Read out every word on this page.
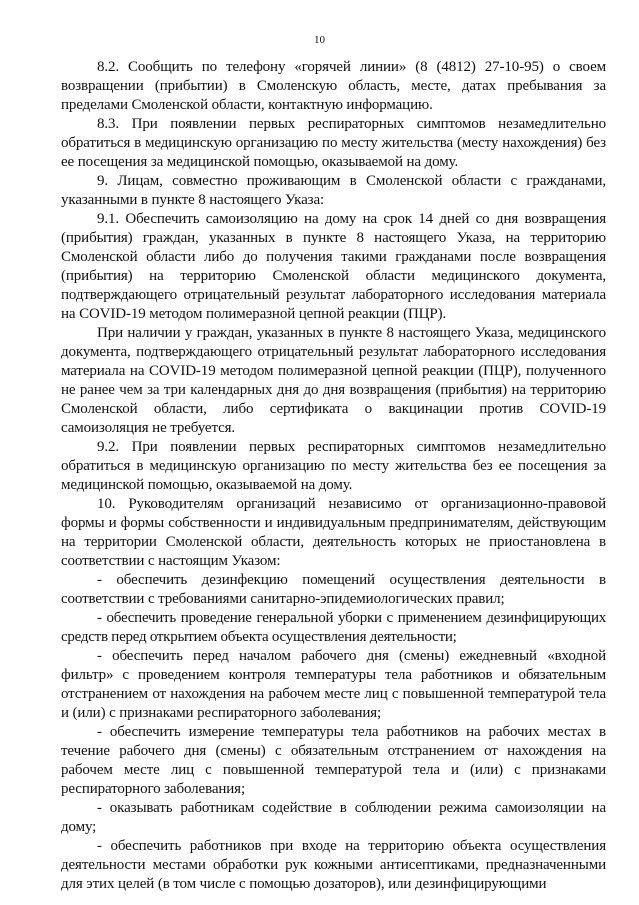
10

8.2. Сообщить по телефону «горячей линии» (8 (4812) 27-10-95) о своем возвращении (прибытии) в Смоленскую область, месте, датах пребывания за пределами Смоленской области, контактную информацию.

8.3. При появлении первых респираторных симптомов незамедлительно обратиться в медицинскую организацию по месту жительства (месту нахождения) без ее посещения за медицинской помощью, оказываемой на дому.

9. Лицам, совместно проживающим в Смоленской области с гражданами, указанными в пункте 8 настоящего Указа:

9.1. Обеспечить самоизоляцию на дому на срок 14 дней со дня возвращения (прибытия) граждан, указанных в пункте 8 настоящего Указа, на территорию Смоленской области либо до получения такими гражданами после возвращения (прибытия) на территорию Смоленской области медицинского документа, подтверждающего отрицательный результат лабораторного исследования материала на COVID-19 методом полимеразной цепной реакции (ПЦР).

При наличии у граждан, указанных в пункте 8 настоящего Указа, медицинского документа, подтверждающего отрицательный результат лабораторного исследования материала на COVID-19 методом полимеразной цепной реакции (ПЦР), полученного не ранее чем за три календарных дня до дня возвращения (прибытия) на территорию Смоленской области, либо сертификата о вакцинации против COVID-19 самоизоляция не требуется.

9.2. При появлении первых респираторных симптомов незамедлительно обратиться в медицинскую организацию по месту жительства без ее посещения за медицинской помощью, оказываемой на дому.

10. Руководителям организаций независимо от организационно-правовой формы и формы собственности и индивидуальным предпринимателям, действующим на территории Смоленской области, деятельность которых не приостановлена в соответствии с настоящим Указом:

- обеспечить дезинфекцию помещений осуществления деятельности в соответствии с требованиями санитарно-эпидемиологических правил;

- обеспечить проведение генеральной уборки с применением дезинфицирующих средств перед открытием объекта осуществления деятельности;

- обеспечить перед началом рабочего дня (смены) ежедневный «входной фильтр» с проведением контроля температуры тела работников и обязательным отстранением от нахождения на рабочем месте лиц с повышенной температурой тела и (или) с признаками респираторного заболевания;

- обеспечить измерение температуры тела работников на рабочих местах в течение рабочего дня (смены) с обязательным отстранением от нахождения на рабочем месте лиц с повышенной температурой тела и (или) с признаками респираторного заболевания;

- оказывать работникам содействие в соблюдении режима самоизоляции на дому;

- обеспечить работников при входе на территорию объекта осуществления деятельности местами обработки рук кожными антисептиками, предназначенными для этих целей (в том числе с помощью дозаторов), или дезинфицирующими
